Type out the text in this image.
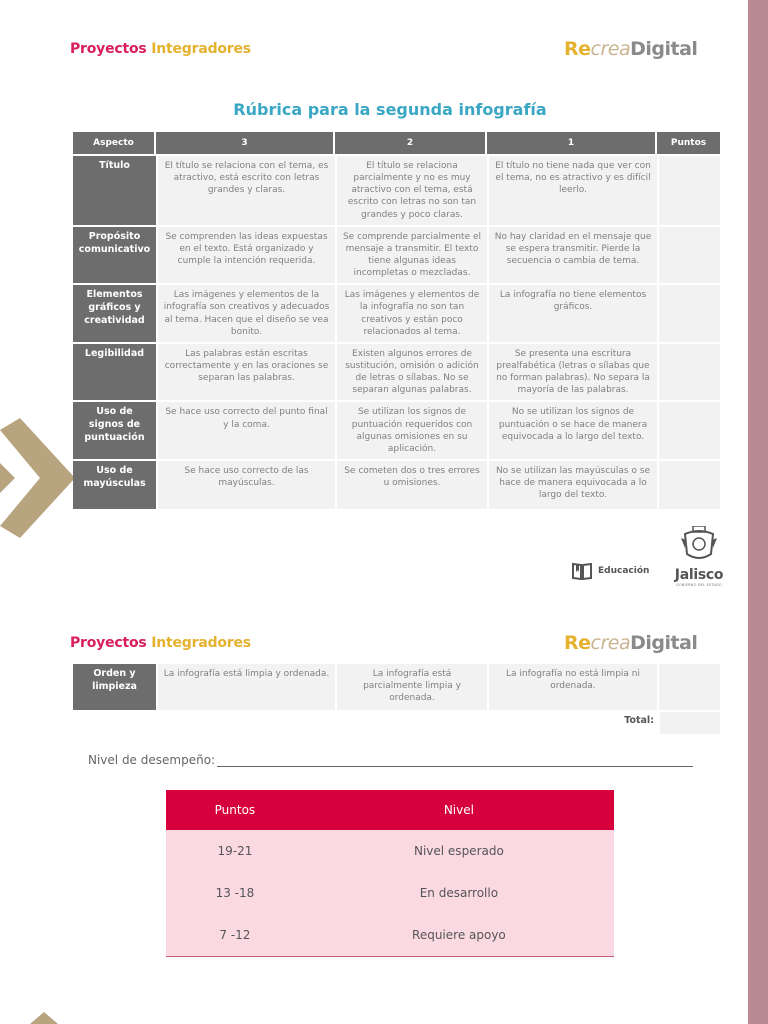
Proyectos Integradores	RecreaDigital
Rúbrica para la segunda infografía
Aspecto	3	2	1	Puntos
Título	El título se relaciona con el tema, es atractivo, está escrito con letras grandes y claras.	El título se relaciona parcialmente y no es muy atractivo con el tema, está escrito con letras no son tan grandes y poco claras.	El título no tiene nada que ver con el tema, no es atractivo y es difícil leerlo.	
Propósito comunicativo	Se comprenden las ideas expuestas en el texto. Está organizado y cumple la intención requerida.	Se comprende parcialmente el mensaje a transmitir. El texto tiene algunas ideas incompletas o mezcladas.	No hay claridad en el mensaje que se espera transmitir. Pierde la secuencia o cambia de tema.	
Elementos gráficos y creatividad	Las imágenes y elementos de la infografía son creativos y adecuados al tema. Hacen que el diseño se vea bonito.	Las imágenes y elementos de la infografía no son tan creativos y están poco relacionados al tema.	La infografía no tiene elementos gráficos.	
Legibilidad	Las palabras están escritas correctamente y en las oraciones se separan las palabras.	Existen algunos errores de sustitución, omisión o adición de letras o sílabas. No se separan algunas palabras.	Se presenta una escritura prealfabética (letras o sílabas que no forman palabras). No separa la mayoría de las palabras.	
Uso de signos de puntuación	Se hace uso correcto del punto final y la coma.	Se utilizan los signos de puntuación requeridos con algunas omisiones en su aplicación.	No se utilizan los signos de puntuación o se hace de manera equivocada a lo largo del texto.	
Uso de mayúsculas	Se hace uso correcto de las mayúsculas.	Se cometen dos o tres errores u omisiones.	No se utilizan las mayúsculas o se hace de manera equivocada a lo largo del texto.	
Educación	Jalisco
GOBIERNO DEL ESTADO
Proyectos Integradores	RecreaDigital
Orden y limpieza	La infografía está limpia y ordenada.	La infografía está parcialmente limpia y ordenada.	La infografía no está limpia ni ordenada.	
Total:
Nivel de desempeño:
Puntos	Nivel
19-21	Nivel esperado
13 -18	En desarrollo
7 -12	Requiere apoyo
